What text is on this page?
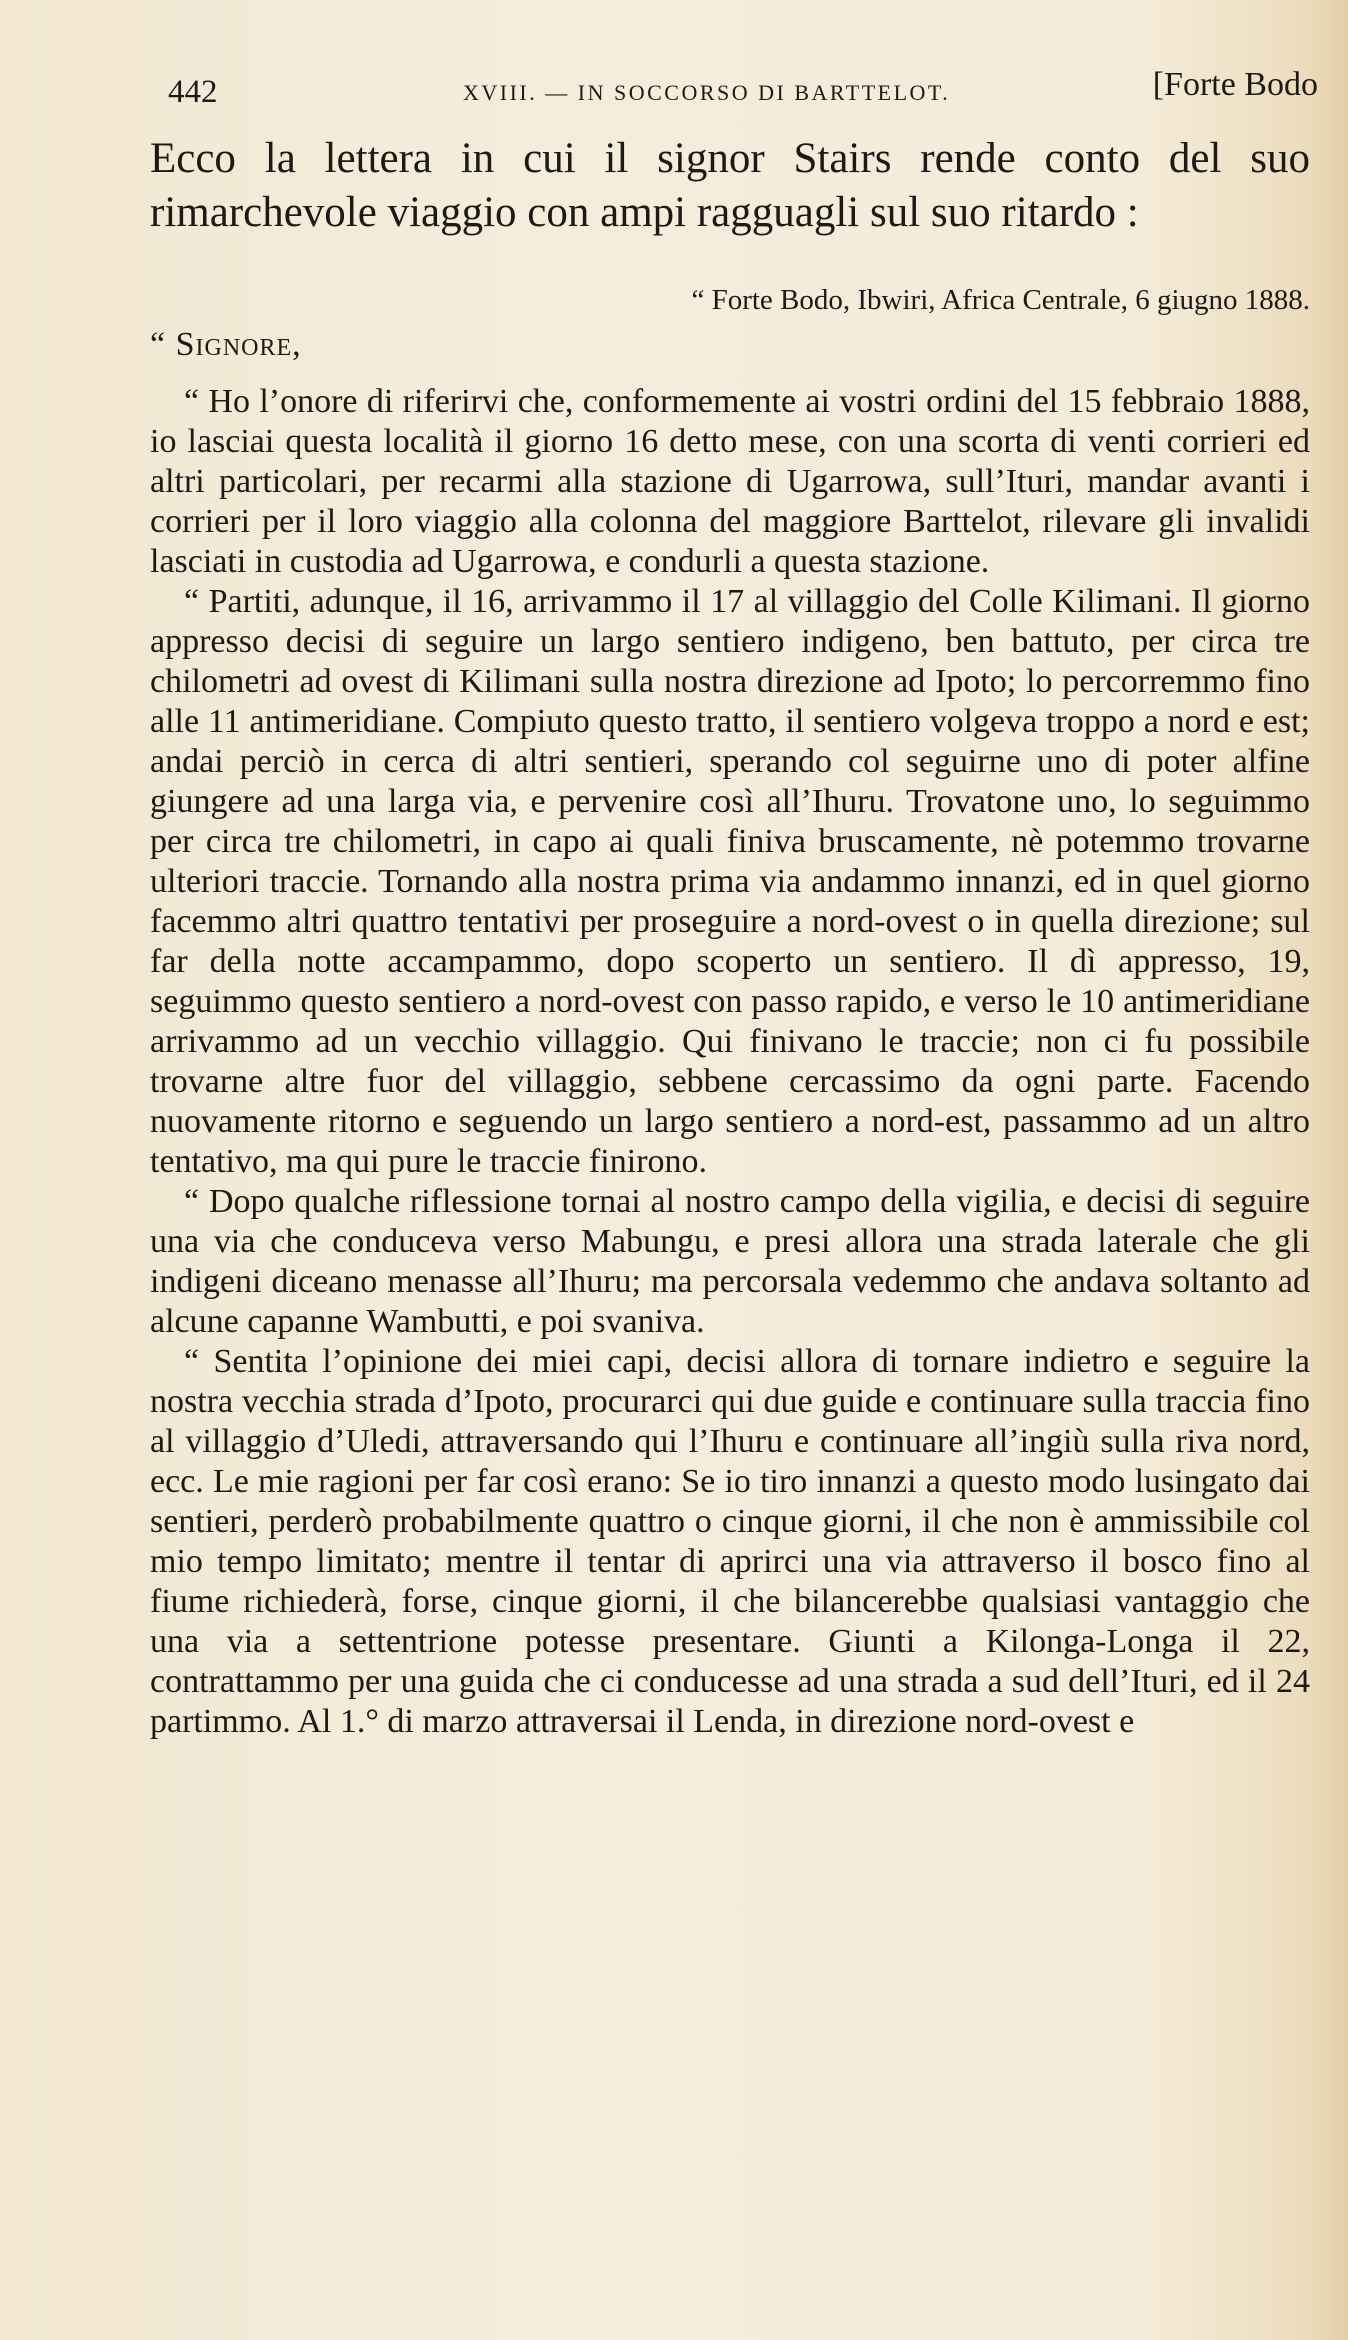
442	XVIII. — IN SOCCORSO DI BARTTELOT.	[Forte Bodo

Ecco la lettera in cui il signor Stairs rende conto del suo rimarchevole viaggio con ampi ragguagli sul suo ritardo :

“ Forte Bodo, Ibwiri, Africa Centrale, 6 giugno 1888.

“ Signore,

“ Ho l’onore di riferirvi che, conformemente ai vostri ordini del 15 febbraio 1888, io lasciai questa località il giorno 16 detto mese, con una scorta di venti corrieri ed altri particolari, per recarmi alla stazione di Ugarrowa, sull’Ituri, mandar avanti i corrieri per il loro viaggio alla colonna del maggiore Barttelot, rilevare gli invalidi lasciati in custodia ad Ugarrowa, e condurli a questa stazione.

“ Partiti, adunque, il 16, arrivammo il 17 al villaggio del Colle Kilimani. Il giorno appresso decisi di seguire un largo sentiero indigeno, ben battuto, per circa tre chilometri ad ovest di Kilimani sulla nostra direzione ad Ipoto; lo percorremmo fino alle 11 antimeridiane. Compiuto questo tratto, il sentiero volgeva troppo a nord e est; andai perciò in cerca di altri sentieri, sperando col seguirne uno di poter alfine giungere ad una larga via, e pervenire così all’Ihuru. Trovatone uno, lo seguimmo per circa tre chilometri, in capo ai quali finiva bruscamente, nè potemmo trovarne ulteriori traccie. Tornando alla nostra prima via andammo innanzi, ed in quel giorno facemmo altri quattro tentativi per proseguire a nord-ovest o in quella direzione; sul far della notte accampammo, dopo scoperto un sentiero. Il dì appresso, 19, seguimmo questo sentiero a nord-ovest con passo rapido, e verso le 10 antimeridiane arrivammo ad un vecchio villaggio. Qui finivano le traccie; non ci fu possibile trovarne altre fuor del villaggio, sebbene cercassimo da ogni parte. Facendo nuovamente ritorno e seguendo un largo sentiero a nord-est, passammo ad un altro tentativo, ma qui pure le traccie finirono.

“ Dopo qualche riflessione tornai al nostro campo della vigilia, e decisi di seguire una via che conduceva verso Mabungu, e presi allora una strada laterale che gli indigeni diceano menasse all’Ihuru; ma percorsala vedemmo che andava soltanto ad alcune capanne Wambutti, e poi svaniva.

“ Sentita l’opinione dei miei capi, decisi allora di tornare indietro e seguire la nostra vecchia strada d’Ipoto, procurarci qui due guide e continuare sulla traccia fino al villaggio d’Uledi, attraversando qui l’Ihuru e continuare all’ingiù sulla riva nord, ecc. Le mie ragioni per far così erano: Se io tiro innanzi a questo modo lusingato dai sentieri, perderò probabilmente quattro o cinque giorni, il che non è ammissibile col mio tempo limitato; mentre il tentar di aprirci una via attraverso il bosco fino al fiume richiederà, forse, cinque giorni, il che bilancerebbe qualsiasi vantaggio che una via a settentrione potesse presentare. Giunti a Kilonga-Longa il 22, contrattammo per una guida che ci conducesse ad una strada a sud dell’Ituri, ed il 24 partimmo. Al 1.° di marzo attraversai il Lenda, in direzione nord-ovest e
